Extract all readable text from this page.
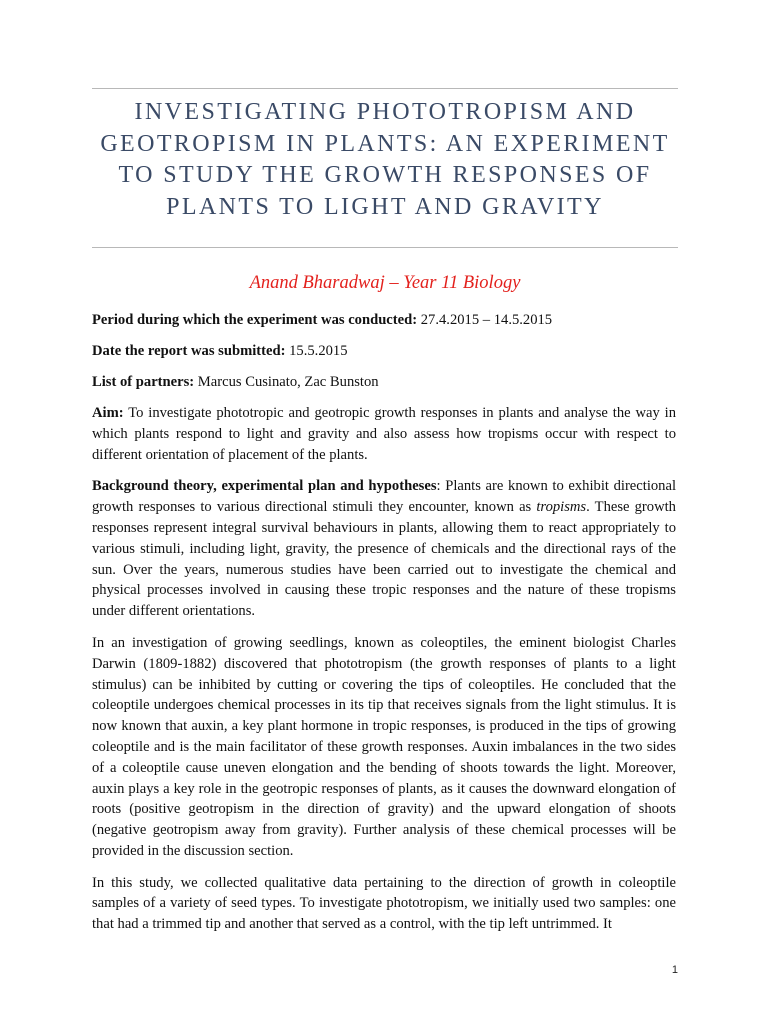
INVESTIGATING PHOTOTROPISM AND GEOTROPISM IN PLANTS: AN EXPERIMENT TO STUDY THE GROWTH RESPONSES OF PLANTS TO LIGHT AND GRAVITY

Anand Bharadwaj – Year 11 Biology

Period during which the experiment was conducted: 27.4.2015 – 14.5.2015

Date the report was submitted: 15.5.2015

List of partners: Marcus Cusinato, Zac Bunston

Aim: To investigate phototropic and geotropic growth responses in plants and analyse the way in which plants respond to light and gravity and also assess how tropisms occur with respect to different orientation of placement of the plants.

Background theory, experimental plan and hypotheses: Plants are known to exhibit directional growth responses to various directional stimuli they encounter, known as tropisms. These growth responses represent integral survival behaviours in plants, allowing them to react appropriately to various stimuli, including light, gravity, the presence of chemicals and the directional rays of the sun. Over the years, numerous studies have been carried out to investigate the chemical and physical processes involved in causing these tropic responses and the nature of these tropisms under different orientations.

In an investigation of growing seedlings, known as coleoptiles, the eminent biologist Charles Darwin (1809-1882) discovered that phototropism (the growth responses of plants to a light stimulus) can be inhibited by cutting or covering the tips of coleoptiles. He concluded that the coleoptile undergoes chemical processes in its tip that receives signals from the light stimulus. It is now known that auxin, a key plant hormone in tropic responses, is produced in the tips of growing coleoptile and is the main facilitator of these growth responses. Auxin imbalances in the two sides of a coleoptile cause uneven elongation and the bending of shoots towards the light. Moreover, auxin plays a key role in the geotropic responses of plants, as it causes the downward elongation of roots (positive geotropism in the direction of gravity) and the upward elongation of shoots (negative geotropism away from gravity). Further analysis of these chemical processes will be provided in the discussion section.

In this study, we collected qualitative data pertaining to the direction of growth in coleoptile samples of a variety of seed types. To investigate phototropism, we initially used two samples: one that had a trimmed tip and another that served as a control, with the tip left untrimmed. It

1
